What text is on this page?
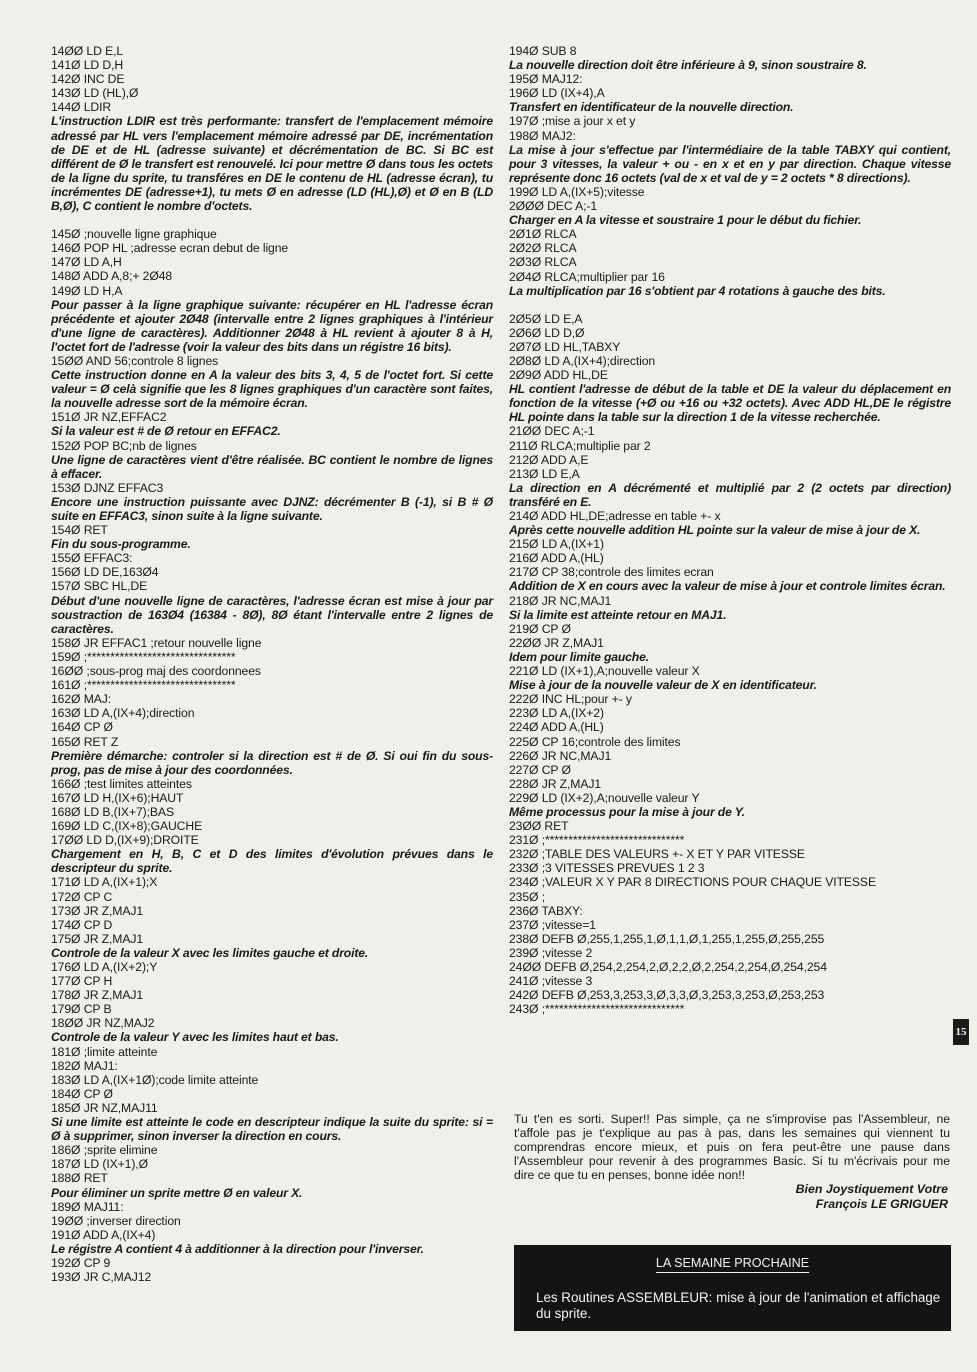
14ØØ LD E,L
141Ø LD D,H
142Ø INC DE
143Ø LD (HL),Ø
144Ø LDIR
L'instruction LDIR est très performante: transfert de l'emplacement mémoire adressé par HL vers l'emplacement mémoire adressé par DE, incrémentation de DE et de HL (adresse suivante) et décrémentation de BC. Si BC est différent de Ø le transfert est renouvelé. Ici pour mettre Ø dans tous les octets de la ligne du sprite, tu transféres en DE le contenu de HL (adresse écran), tu incrémentes DE (adresse+1), tu mets Ø en adresse (LD (HL),Ø) et Ø en B (LD B,Ø), C contient le nombre d'octets.
145Ø ;nouvelle ligne graphique
146Ø POP HL ;adresse ecran debut de ligne
147Ø LD A,H
148Ø ADD A,8;+ 2Ø48
149Ø LD H,A
Pour passer à la ligne graphique suivante: récupérer en HL l'adresse écran précédente et ajouter 2Ø48 (intervalle entre 2 lignes graphiques à l'intérieur d'une ligne de caractères). Additionner 2Ø48 à HL revient à ajouter 8 à H, l'octet fort de l'adresse (voir la valeur des bits dans un régistre 16 bits).
15ØØ AND 56;controle 8 lignes
Cette instruction donne en A la valeur des bits 3, 4, 5 de l'octet fort. Si cette valeur = Ø celà signifie que les 8 lignes graphiques d'un caractère sont faites, la nouvelle adresse sort de la mémoire écran.
151Ø JR NZ,EFFAC2
Si la valeur est # de Ø retour en EFFAC2.
152Ø POP BC;nb de lignes
Une ligne de caractères vient d'être réalisée. BC contient le nombre de lignes à effacer.
153Ø DJNZ EFFAC3
Encore une instruction puissante avec DJNZ: décrémenter B (-1), si B # Ø suite en EFFAC3, sinon suite à la ligne suivante.
154Ø RET
Fin du sous-programme.
155Ø EFFAC3:
156Ø LD DE,163Ø4
157Ø SBC HL,DE
Début d'une nouvelle ligne de caractères, l'adresse écran est mise à jour par soustraction de 163Ø4 (16384 - 8Ø), 8Ø étant l'intervalle entre 2 lignes de caractères.
158Ø JR EFFAC1 ;retour nouvelle ligne
159Ø ;********************************
16ØØ ;sous-prog maj des coordonnees
161Ø ;********************************
162Ø MAJ:
163Ø LD A,(IX+4);direction
164Ø CP Ø
165Ø RET Z
Première démarche: controler si la direction est # de Ø. Si oui fin du sous-prog, pas de mise à jour des coordonnées.
166Ø ;test limites atteintes
167Ø LD H,(IX+6);HAUT
168Ø LD B,(IX+7);BAS
169Ø LD C,(IX+8);GAUCHE
17ØØ LD D,(IX+9);DROITE
Chargement en H, B, C et D des limites d'évolution prévues dans le descripteur du sprite.
171Ø LD A,(IX+1);X
172Ø CP C
173Ø JR Z,MAJ1
174Ø CP D
175Ø JR Z,MAJ1
Controle de la valeur X avec les limites gauche et droite.
176Ø LD A,(IX+2);Y
177Ø CP H
178Ø JR Z,MAJ1
179Ø CP B
18ØØ JR NZ,MAJ2
Controle de la valeur Y avec les limites haut et bas.
181Ø ;limite atteinte
182Ø MAJ1:
183Ø LD A,(IX+1Ø);code limite atteinte
184Ø CP Ø
185Ø JR NZ,MAJ11
Si une limite est atteinte le code en descripteur indique la suite du sprite: si = Ø à supprimer, sinon inverser la direction en cours.
186Ø ;sprite elimine
187Ø LD (IX+1),Ø
188Ø RET
Pour éliminer un sprite mettre Ø en valeur X.
189Ø MAJ11:
19ØØ ;inverser direction
191Ø ADD A,(IX+4)
Le régistre A contient 4 à additionner à la direction pour l'inverser.
192Ø CP 9
193Ø JR C,MAJ12
194Ø SUB 8
La nouvelle direction doit être inférieure à 9, sinon soustraire 8.
195Ø MAJ12:
196Ø LD (IX+4),A
Transfert en identificateur de la nouvelle direction.
197Ø ;mise a jour x et y
198Ø MAJ2:
La mise à jour s'effectue par l'intermédiaire de la table TABXY qui contient, pour 3 vitesses, la valeur + ou - en x et en y par direction. Chaque vitesse représente donc 16 octets (val de x et val de y = 2 octets * 8 directions).
199Ø LD A,(IX+5);vitesse
2ØØØ DEC A;-1
Charger en A la vitesse et soustraire 1 pour le début du fichier.
2Ø1Ø RLCA
2Ø2Ø RLCA
2Ø3Ø RLCA
2Ø4Ø RLCA;multiplier par 16
La multiplication par 16 s'obtient par 4 rotations à gauche des bits.
2Ø5Ø LD E,A
2Ø6Ø LD D,Ø
2Ø7Ø LD HL,TABXY
2Ø8Ø LD A,(IX+4);direction
2Ø9Ø ADD HL,DE
HL contient l'adresse de début de la table et DE la valeur du déplacement en fonction de la vitesse (+Ø ou +16 ou +32 octets). Avec ADD HL,DE le régistre HL pointe dans la table sur la direction 1 de la vitesse recherchée.
21ØØ DEC A;-1
211Ø RLCA;multiplie par 2
212Ø ADD A,E
213Ø LD E,A
La direction en A décrémenté et multiplié par 2 (2 octets par direction) transféré en E.
214Ø ADD HL,DE;adresse en table +- x
Après cette nouvelle addition HL pointe sur la valeur de mise à jour de X.
215Ø LD A,(IX+1)
216Ø ADD A,(HL)
217Ø CP 38;controle des limites ecran
Addition de X en cours avec la valeur de mise à jour et controle limites écran.
218Ø JR NC,MAJ1
Si la limite est atteinte retour en MAJ1.
219Ø CP Ø
22ØØ JR Z,MAJ1
Idem pour limite gauche.
221Ø LD (IX+1),A;nouvelle valeur X
Mise à jour de la nouvelle valeur de X en identificateur.
222Ø INC HL;pour +- y
223Ø LD A,(IX+2)
224Ø ADD A,(HL)
225Ø CP 16;controle des limites
226Ø JR NC,MAJ1
227Ø CP Ø
228Ø JR Z,MAJ1
229Ø LD (IX+2),A;nouvelle valeur Y
Même processus pour la mise à jour de Y.
23ØØ RET
231Ø ;******************************
232Ø ;TABLE DES VALEURS +- X ET Y PAR VITESSE
233Ø ;3 VITESSES PREVUES 1 2 3
234Ø ;VALEUR X Y PAR 8 DIRECTIONS POUR CHAQUE VITESSE
235Ø ;
236Ø TABXY:
237Ø ;vitesse=1
238Ø DEFB Ø,255,1,255,1,Ø,1,1,Ø,1,255,1,255,Ø,255,255
239Ø ;vitesse 2
24ØØ DEFB Ø,254,2,254,2,Ø,2,2,Ø,2,254,2,254,Ø,254,254
241Ø ;vitesse 3
242Ø DEFB Ø,253,3,253,3,Ø,3,3,Ø,3,253,3,253,Ø,253,253
243Ø ;******************************
Tu t'en es sorti. Super!! Pas simple, ça ne s'improvise pas l'Assembleur, ne t'affole pas je t'explique au pas à pas, dans les semaines qui viennent tu comprendras encore mieux, et puis on fera peut-être une pause dans l'Assembleur pour revenir à des programmes Basic. Si tu m'écrivais pour me dire ce que tu en penses, bonne idée non!!
Bien Joystiquement Votre
François LE GRIGUER
LA SEMAINE PROCHAINE
Les Routines ASSEMBLEUR: mise à jour de l'animation et affichage du sprite.
15
